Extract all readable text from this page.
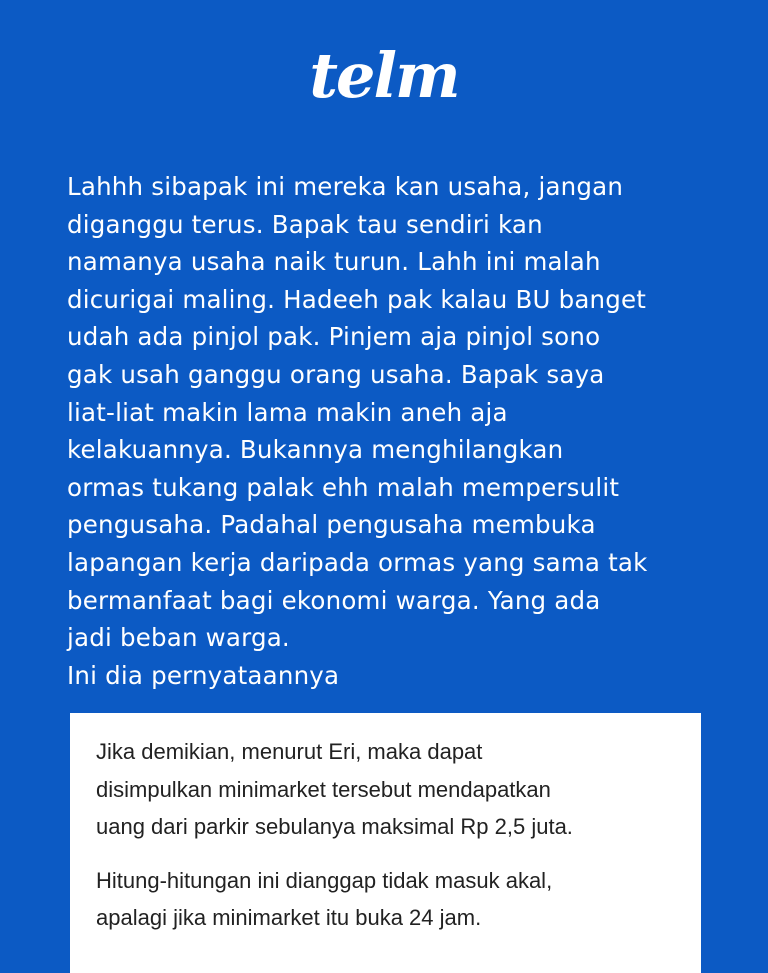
telm

Lahhh sibapak ini mereka kan usaha, jangan
diganggu terus. Bapak tau sendiri kan
namanya usaha naik turun. Lahh ini malah
dicurigai maling. Hadeeh pak kalau BU banget
udah ada pinjol pak. Pinjem aja pinjol sono
gak usah ganggu orang usaha. Bapak saya
liat-liat makin lama makin aneh aja
kelakuannya. Bukannya menghilangkan
ormas tukang palak ehh malah mempersulit
pengusaha. Padahal pengusaha membuka
lapangan kerja daripada ormas yang sama tak
bermanfaat bagi ekonomi warga. Yang ada
jadi beban warga.
Ini dia pernyataannya

Jika demikian, menurut Eri, maka dapat
disimpulkan minimarket tersebut mendapatkan
uang dari parkir sebulanya maksimal Rp 2,5 juta.

Hitung-hitungan ini dianggap tidak masuk akal,
apalagi jika minimarket itu buka 24 jam.
